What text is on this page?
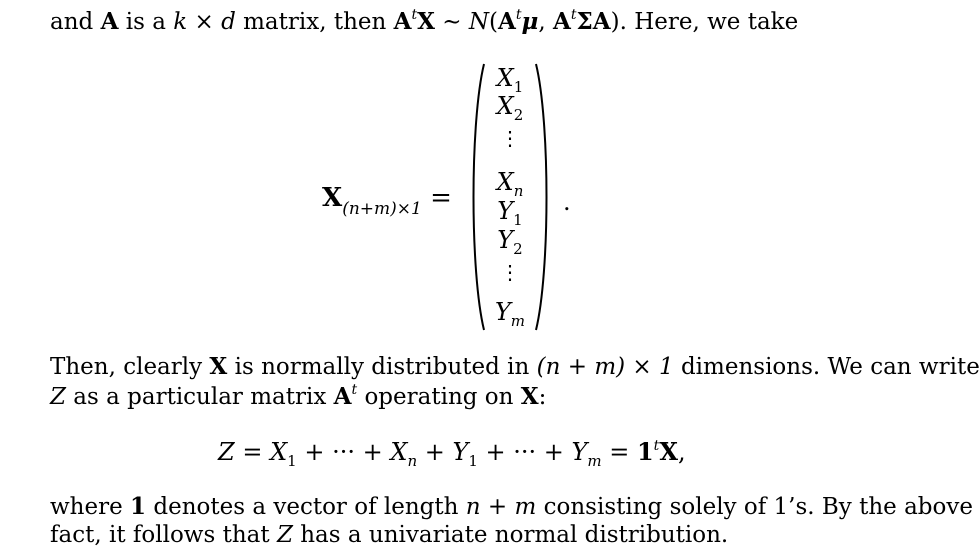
and A is a k × d matrix, then $A^tX$ ∼ $N(A^t\mu$, $A^t\Sigma A$). Here, we take
$X_{(n+m)\times 1}$ =
$X_1$
$X_2$
⋮
$X_n$
$Y_1$
$Y_2$
⋮
$Y_m$
.
Then, clearly X is normally distributed in (n + m) × 1 dimensions. We can write
Z as a particular matrix $A^t$ operating on X:
$Z = X_1$ + ··· + $X_n + Y_1$ + ··· + $Y_m = 1^tX$,
where 1 denotes a vector of length n + m consisting solely of 1’s. By the above
fact, it follows that Z has a univariate normal distribution.
